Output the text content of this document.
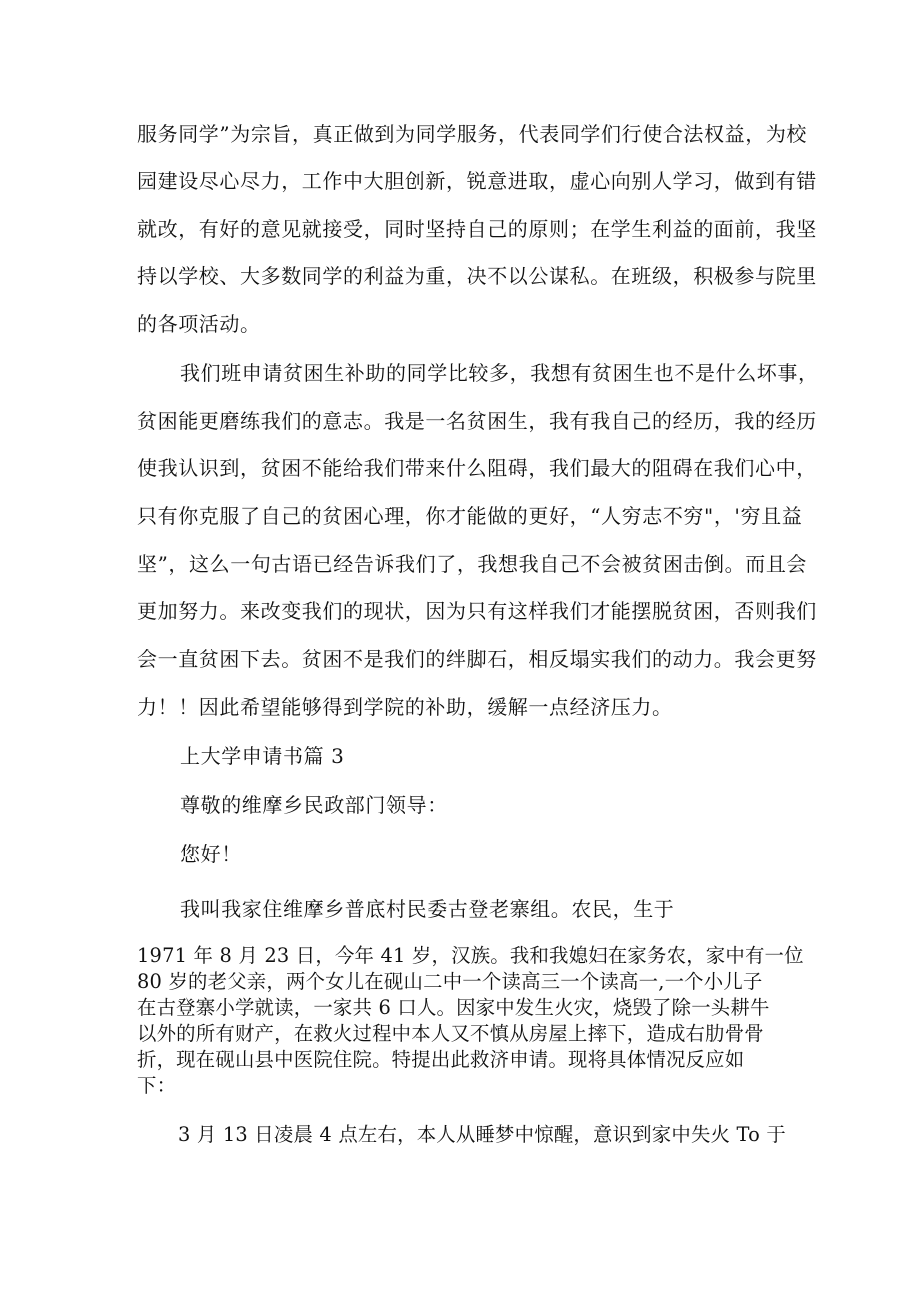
服务同学”为宗旨，真正做到为同学服务，代表同学们行使合法权益，为校
园建设尽心尽力，工作中大胆创新，锐意进取，虚心向别人学习，做到有错
就改，有好的意见就接受，同时坚持自己的原则；在学生利益的面前，我坚
持以学校、大多数同学的利益为重，决不以公谋私。在班级，积极参与院里
的各项活动。
我们班申请贫困生补助的同学比较多，我想有贫困生也不是什么坏事，
贫困能更磨练我们的意志。我是一名贫困生，我有我自己的经历，我的经历
使我认识到，贫困不能给我们带来什么阻碍，我们最大的阻碍在我们心中，
只有你克服了自己的贫困心理，你才能做的更好，“人穷志不穷"，'穷且益
坚”，这么一句古语已经告诉我们了，我想我自己不会被贫困击倒。而且会
更加努力。来改变我们的现状，因为只有这样我们才能摆脱贫困，否则我们
会一直贫困下去。贫困不是我们的绊脚石，相反塌实我们的动力。我会更努
力！！因此希望能够得到学院的补助，缓解一点经济压力。
上大学申请书篇 3
尊敬的维摩乡民政部门领导：
您好！
我叫我家住维摩乡普底村民委古登老寨组。农民，生于
1971 年 8 月 23 日，今年 41 岁，汉族。我和我媳妇在家务农，家中有一位
80 岁的老父亲，两个女儿在砚山二中一个读高三一个读高一,一个小儿子
在古登寨小学就读，一家共 6 口人。因家中发生火灾，烧毁了除一头耕牛
以外的所有财产，在救火过程中本人又不慎从房屋上摔下，造成右肋骨骨
折，现在砚山县中医院住院。特提出此救济申请。现将具体情况反应如
下：
3 月 13 日凌晨 4 点左右，本人从睡梦中惊醒，意识到家中失火 To 于
